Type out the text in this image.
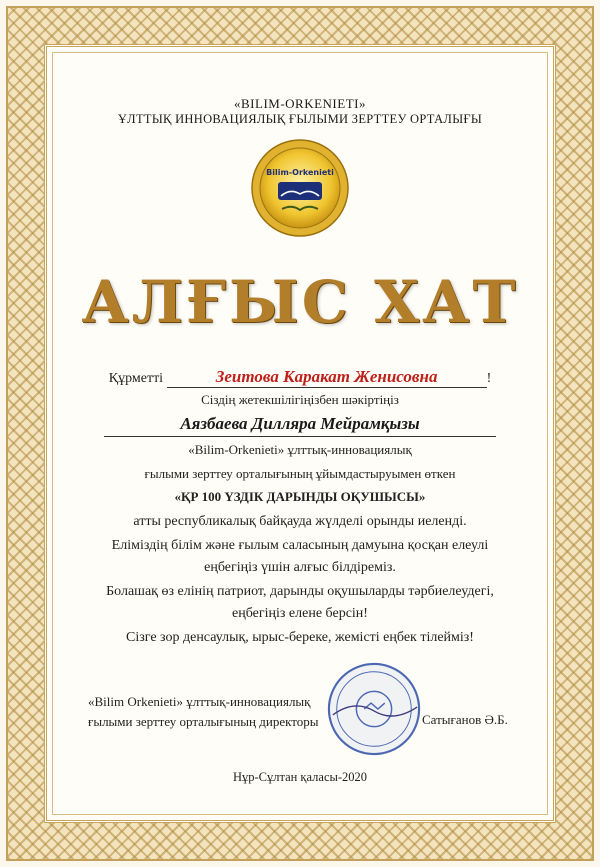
«BILIM-ORKENIETI»
ҰЛТТЫҚ ИННОВАЦИЯЛЫҚ ҒЫЛЫМИ ЗЕРТТЕУ ОРТАЛЫҒЫ
Bilim-Orkenieti
АЛҒЫС ХАТ
Құрметті	Зеитова Каракат Женисовна	!
Сіздің жетекшілігіңізбен шәкіртіңіз
Аязбаева Диллярa Мейрамқызы
«Bilim-Orkenieti» ұлттық-инновациялық
ғылыми зерттеу орталығының ұйымдастыруымен өткен
«ҚР 100 ҮЗДІК ДАРЫНДЫ ОҚУШЫСЫ»
атты республикалық байқауда жүлделі орынды иеленді.
Еліміздің білім және ғылым саласының дамуына қосқан елеулі
еңбегіңіз үшін алғыс білдіреміз.
Болашақ өз елінің патриот, дарынды оқушыларды тәрбиелеудегі,
еңбегіңіз елене берсін!
Сізге зор денсаулық, ырыс-береке, жемісті еңбек тілейміз!
«Bilim Orkenieti» ұлттық-инновациялық
ғылыми зерттеу орталығының директоры	Сатығанов Ә.Б.
Нұр-Сұлтан қаласы-2020
